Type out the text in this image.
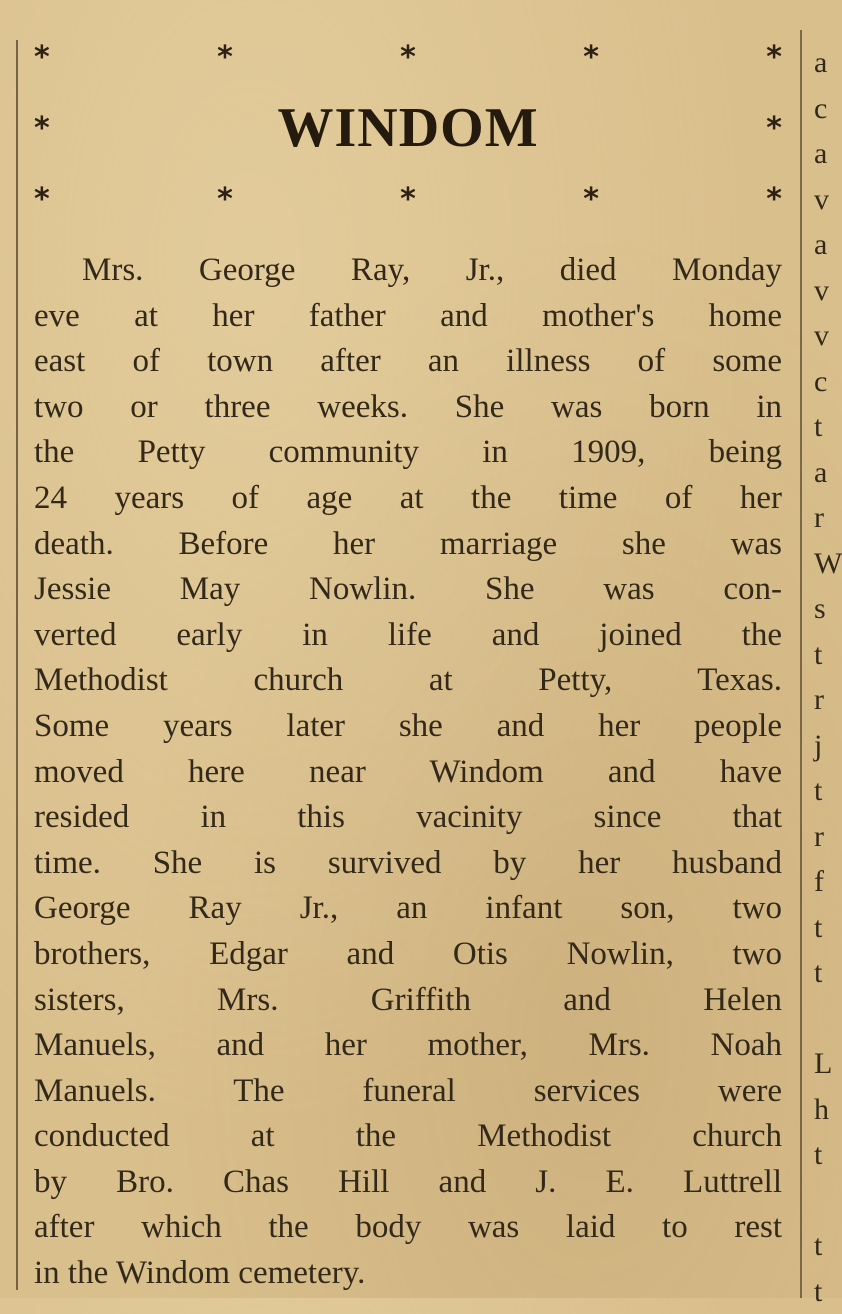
*	*	*	*	*
*	WINDOM	*
*	*	*	*	*
Mrs. George Ray, Jr., died Monday
eve at her father and mother's home
east of town after an illness of some
two or three weeks. She was born in
the Petty community in 1909, being
24 years of age at the time of her
death. Before her marriage she was
Jessie May Nowlin. She was con-
verted early in life and joined the
Methodist church at Petty, Texas.
Some years later she and her people
moved here near Windom and have
resided in this vacinity since that
time. She is survived by her husband
George Ray Jr., an infant son, two
brothers, Edgar and Otis Nowlin, two
sisters, Mrs. Griffith and Helen
Manuels, and her mother, Mrs. Noah
Manuels. The funeral services were
conducted at the Methodist church
by Bro. Chas Hill and J. E. Luttrell
after which the body was laid to rest
in the Windom cemetery.
a
c
a
v
a
v
v
c
t
a
r
W
s
t
r
j
t
r
f
t
t
L
h
t
t
t
